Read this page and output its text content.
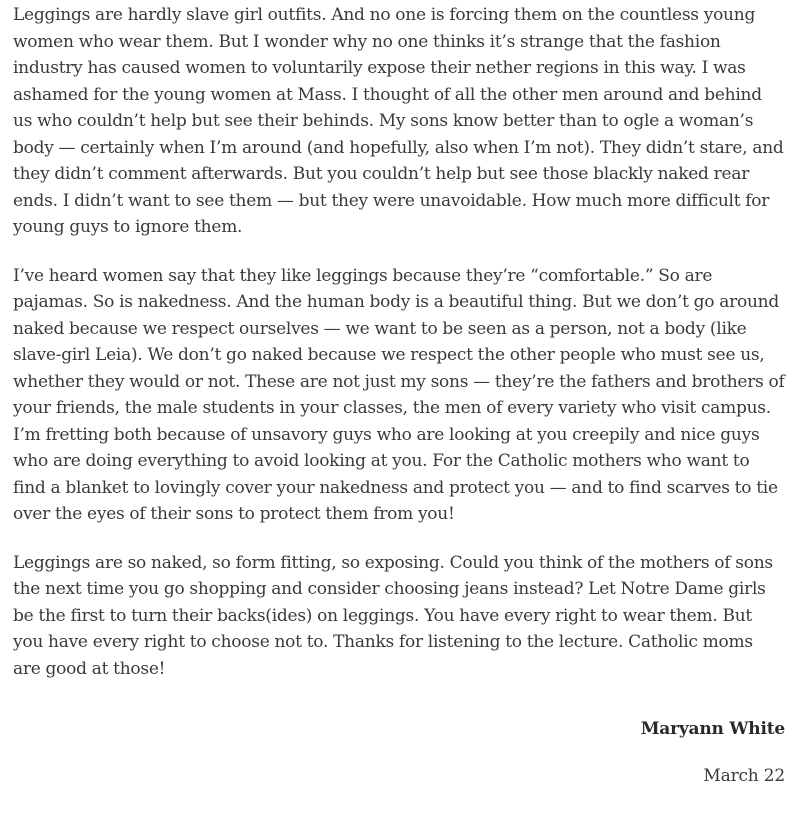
Leggings are hardly slave girl outfits. And no one is forcing them on the countless young women who wear them. But I wonder why no one thinks it’s strange that the fashion industry has caused women to voluntarily expose their nether regions in this way. I was ashamed for the young women at Mass. I thought of all the other men around and behind us who couldn’t help but see their behinds. My sons know better than to ogle a woman’s body — certainly when I’m around (and hopefully, also when I’m not). They didn’t stare, and they didn’t comment afterwards. But you couldn’t help but see those blackly naked rear ends. I didn’t want to see them — but they were unavoidable. How much more difficult for young guys to ignore them.

I’ve heard women say that they like leggings because they’re “comfortable.” So are pajamas. So is nakedness. And the human body is a beautiful thing. But we don’t go around naked because we respect ourselves — we want to be seen as a person, not a body (like slave-girl Leia). We don’t go naked because we respect the other people who must see us, whether they would or not. These are not just my sons — they’re the fathers and brothers of your friends, the male students in your classes, the men of every variety who visit campus. I’m fretting both because of unsavory guys who are looking at you creepily and nice guys who are doing everything to avoid looking at you. For the Catholic mothers who want to find a blanket to lovingly cover your nakedness and protect you — and to find scarves to tie over the eyes of their sons to protect them from you!

Leggings are so naked, so form fitting, so exposing. Could you think of the mothers of sons the next time you go shopping and consider choosing jeans instead? Let Notre Dame girls be the first to turn their backs(ides) on leggings. You have every right to wear them. But you have every right to choose not to. Thanks for listening to the lecture. Catholic moms are good at those!

Maryann White
March 22
